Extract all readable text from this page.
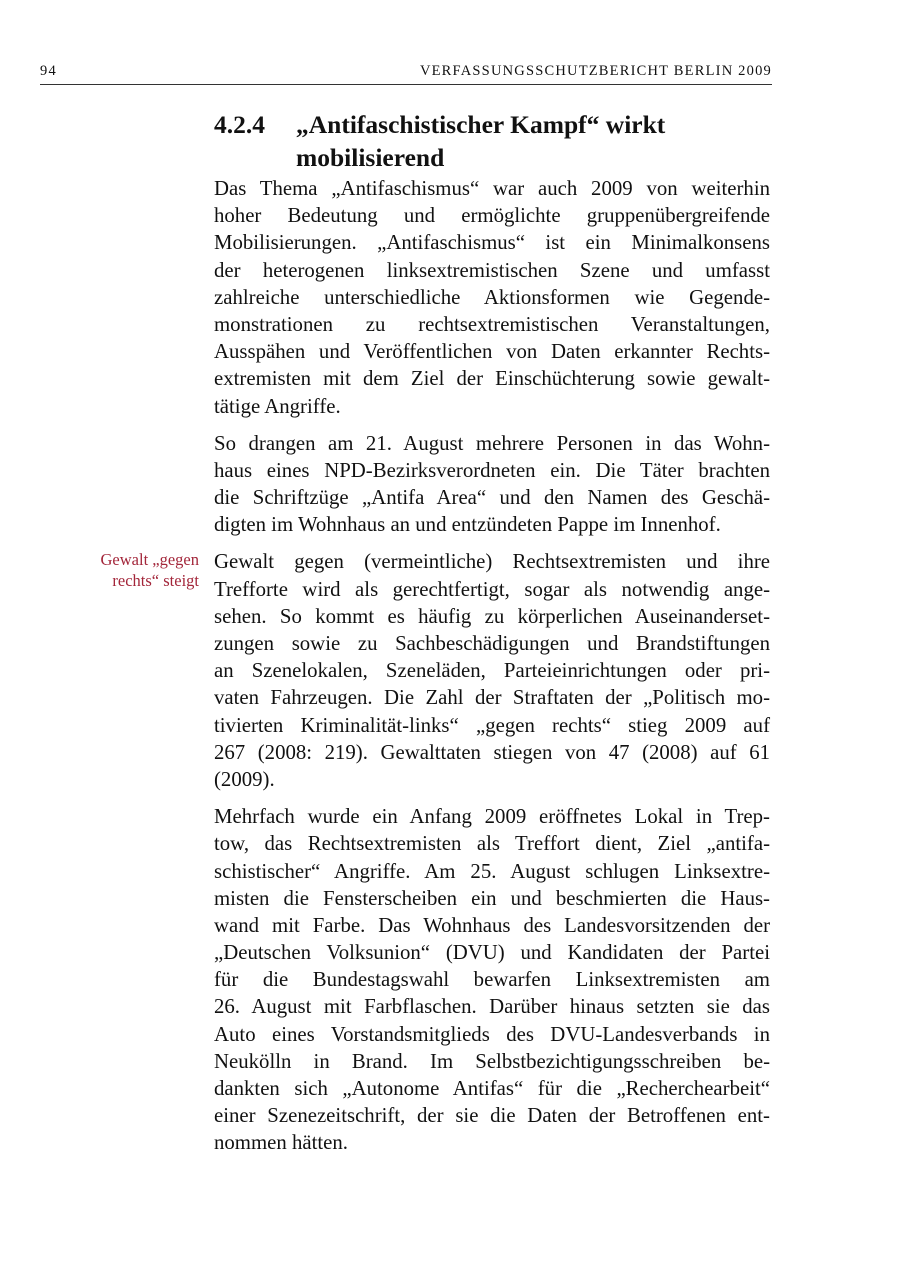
94	VERFASSUNGSSCHUTZBERICHT BERLIN 2009
4.2.4 „Antifaschistischer Kampf“ wirkt
mobilisierend
Gewalt „gegen
rechts“ steigt
Das Thema „Antifaschismus“ war auch 2009 von weiterhin
hoher Bedeutung und ermöglichte gruppenübergreifende
Mobilisierungen. „Antifaschismus“ ist ein Minimalkonsens
der heterogenen linksextremistischen Szene und umfasst
zahlreiche unterschiedliche Aktionsformen wie Gegende-
monstrationen zu rechtsextremistischen Veranstaltungen,
Ausspähen und Veröffentlichen von Daten erkannter Rechts-
extremisten mit dem Ziel der Einschüchterung sowie gewalt-
tätige Angriffe.
So drangen am 21. August mehrere Personen in das Wohn-
haus eines NPD-Bezirksverordneten ein. Die Täter brachten
die Schriftzüge „Antifa Area“ und den Namen des Geschä-
digten im Wohnhaus an und entzündeten Pappe im Innenhof.
Gewalt gegen (vermeintliche) Rechtsextremisten und ihre
Trefforte wird als gerechtfertigt, sogar als notwendig ange-
sehen. So kommt es häufig zu körperlichen Auseinanderset-
zungen sowie zu Sachbeschädigungen und Brandstiftungen
an Szenelokalen, Szeneläden, Parteieinrichtungen oder pri-
vaten Fahrzeugen. Die Zahl der Straftaten der „Politisch mo-
tivierten Kriminalität-links“ „gegen rechts“ stieg 2009 auf
267 (2008: 219). Gewalttaten stiegen von 47 (2008) auf 61
(2009).
Mehrfach wurde ein Anfang 2009 eröffnetes Lokal in Trep-
tow, das Rechtsextremisten als Treffort dient, Ziel „antifa-
schistischer“ Angriffe. Am 25. August schlugen Linksextre-
misten die Fensterscheiben ein und beschmierten die Haus-
wand mit Farbe. Das Wohnhaus des Landesvorsitzenden der
„Deutschen Volksunion“ (DVU) und Kandidaten der Partei
für die Bundestagswahl bewarfen Linksextremisten am
26. August mit Farbflaschen. Darüber hinaus setzten sie das
Auto eines Vorstandsmitglieds des DVU-Landesverbands in
Neukölln in Brand. Im Selbstbezichtigungsschreiben be-
dankten sich „Autonome Antifas“ für die „Recherchearbeit“
einer Szenezeitschrift, der sie die Daten der Betroffenen ent-
nommen hätten.
